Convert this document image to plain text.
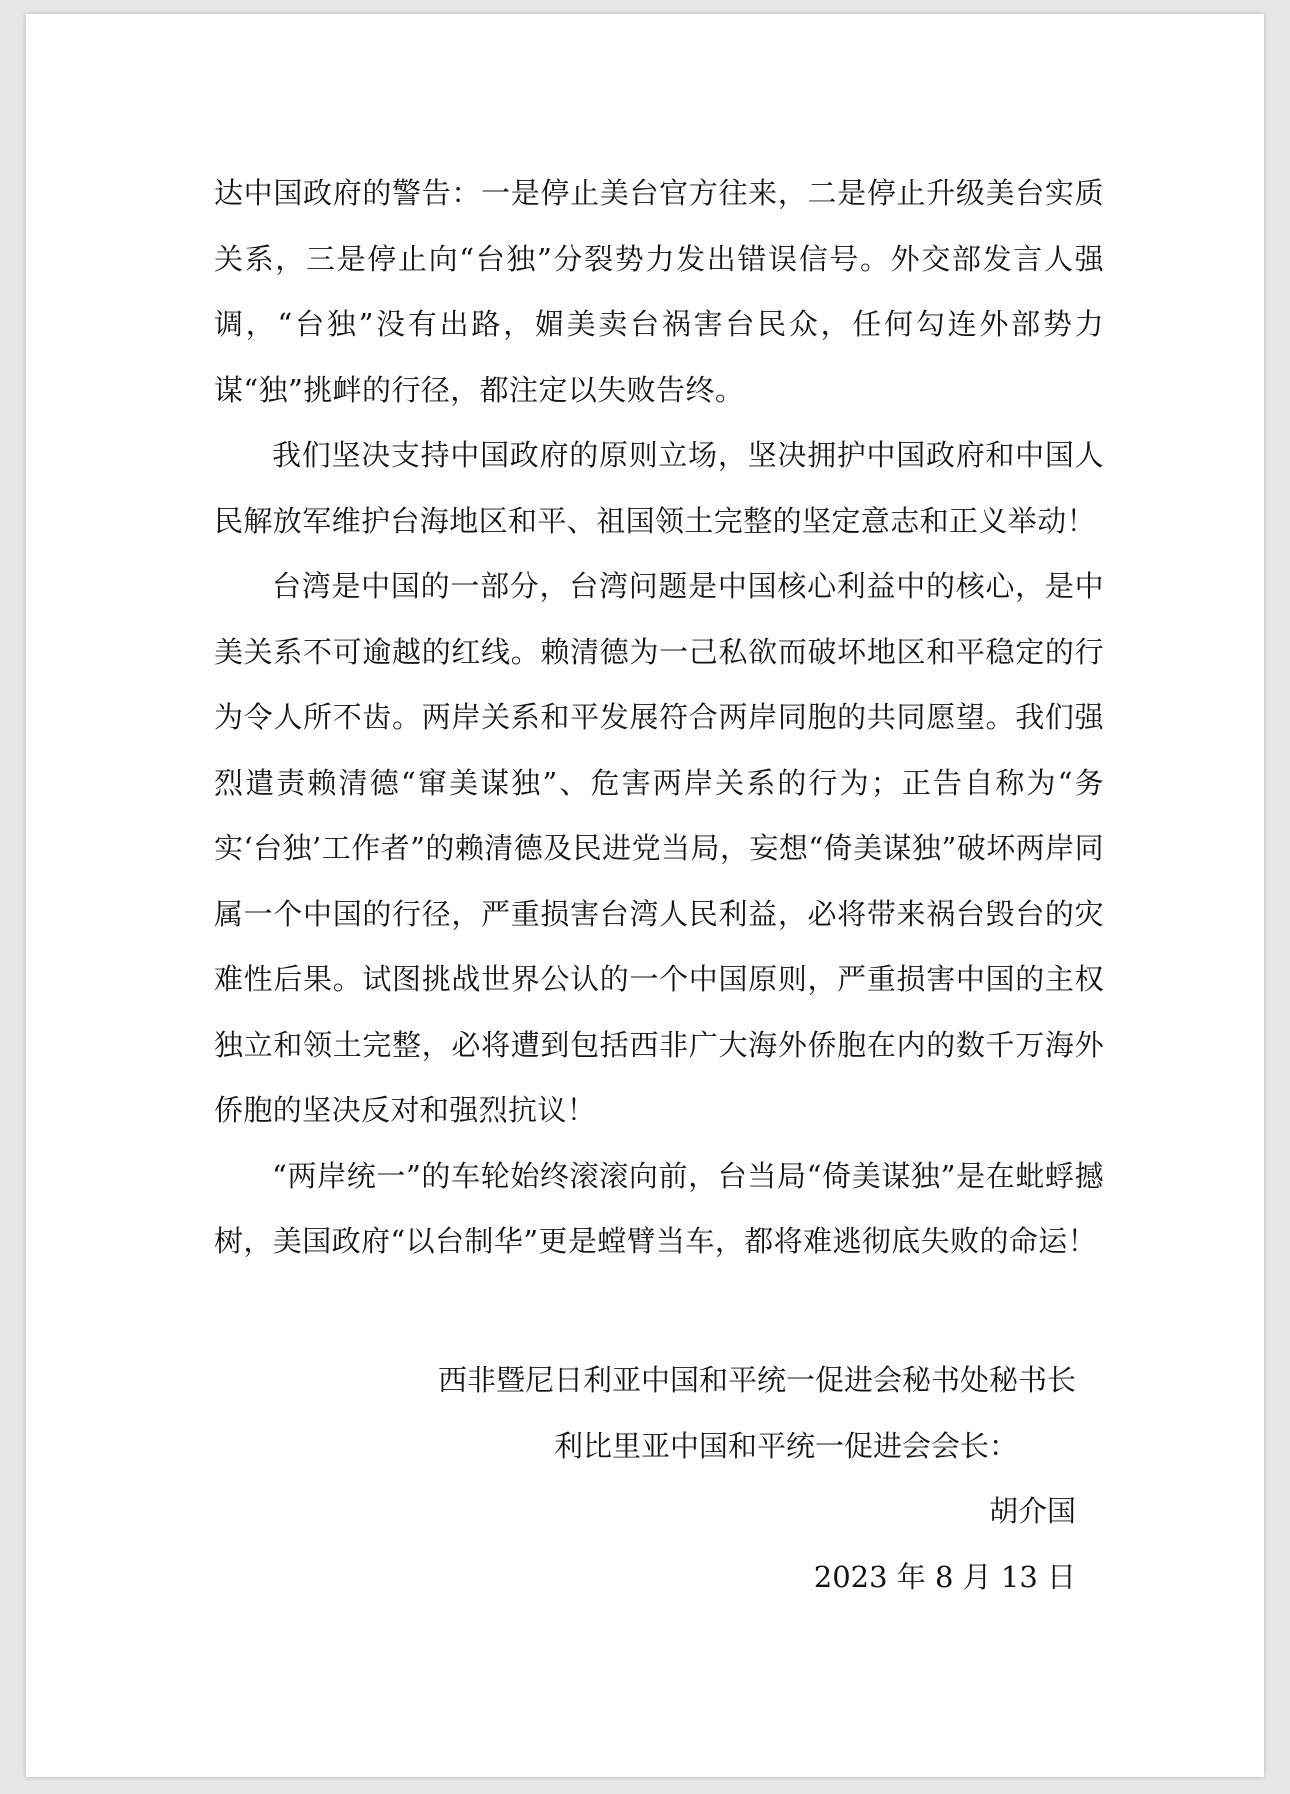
达中国政府的警告：一是停止美台官方往来，二是停止升级美台实质关系，三是停止向“台独”分裂势力发出错误信号。外交部发言人强调，“台独”没有出路，媚美卖台祸害台民众，任何勾连外部势力谋“独”挑衅的行径，都注定以失败告终。

我们坚决支持中国政府的原则立场，坚决拥护中国政府和中国人民解放军维护台海地区和平、祖国领土完整的坚定意志和正义举动！

台湾是中国的一部分，台湾问题是中国核心利益中的核心，是中美关系不可逾越的红线。赖清德为一己私欲而破坏地区和平稳定的行为令人所不齿。两岸关系和平发展符合两岸同胞的共同愿望。我们强烈遣责赖清德“窜美谋独”、危害两岸关系的行为；正告自称为“务实‘台独’工作者”的赖清德及民进党当局，妄想“倚美谋独”破坏两岸同属一个中国的行径，严重损害台湾人民利益，必将带来祸台毁台的灾难性后果。试图挑战世界公认的一个中国原则，严重损害中国的主权独立和领土完整，必将遭到包括西非广大海外侨胞在内的数千万海外侨胞的坚决反对和强烈抗议！

“两岸统一”的车轮始终滚滚向前，台当局“倚美谋独”是在蚍蜉撼树，美国政府“以台制华”更是螳臂当车，都将难逃彻底失败的命运！

西非暨尼日利亚中国和平统一促进会秘书处秘书长
利比里亚中国和平统一促进会会长：
胡介国
2023 年 8 月 13 日
